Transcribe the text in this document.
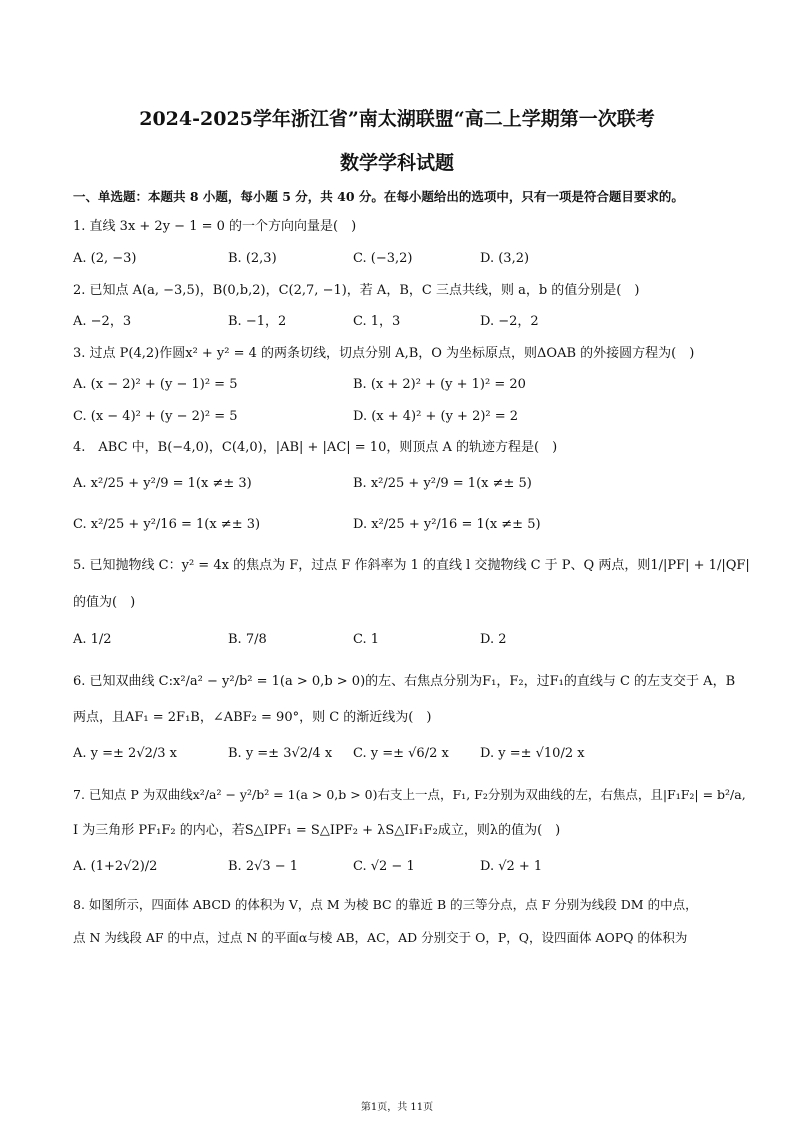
2024-2025学年浙江省”南太湖联盟“高二上学期第一次联考
数学学科试题
一、单选题：本题共 8 小题，每小题 5 分，共 40 分。在每小题给出的选项中，只有一项是符合题目要求的。
1. 直线 3x + 2y − 1 = 0 的一个方向向量是(　)
A. (2, −3)	B. (2,3)	C. (−3,2)	D. (3,2)
2. 已知点 A(a, −3,5)，B(0,b,2)，C(2,7, −1)，若 A，B，C 三点共线，则 a，b 的值分别是(　)
A. −2，3	B. −1，2	C. 1，3	D. −2，2
3. 过点 P(4,2)作圆x² + y² = 4 的两条切线，切点分别 A,B，O 为坐标原点，则ΔOAB 的外接圆方程为(　)
A. (x − 2)² + (y − 1)² = 5	B. (x + 2)² + (y + 1)² = 20
C. (x − 4)² + (y − 2)² = 5	D. (x + 4)² + (y + 2)² = 2
4.　ABC 中，B(−4,0)，C(4,0)，|AB| + |AC| = 10，则顶点 A 的轨迹方程是(　)
A. x²/25 + y²/9 = 1(x ≠± 3)	B. x²/25 + y²/9 = 1(x ≠± 5)
C. x²/25 + y²/16 = 1(x ≠± 3)	D. x²/25 + y²/16 = 1(x ≠± 5)
5. 已知抛物线 C：y² = 4x 的焦点为 F，过点 F 作斜率为 1 的直线 l 交抛物线 C 于 P、Q 两点，则1/|PF| + 1/|QF|
的值为(　)
A. 1/2	B. 7/8	C. 1	D. 2
6. 已知双曲线 C:x²/a² − y²/b² = 1(a > 0,b > 0)的左、右焦点分别为F₁，F₂，过F₁的直线与 C 的左支交于 A，B
两点，且AF₁ = 2F₁B，∠ABF₂ = 90°，则 C 的渐近线为(　)
A. y =± 2√2/3 x	B. y =± 3√2/4 x C. y =± √6/2 x D. y =± √10/2 x
7. 已知点 P 为双曲线x²/a² − y²/b² = 1(a > 0,b > 0)右支上一点，F₁, F₂分别为双曲线的左，右焦点，且|F₁F₂| = b²/a,
I 为三角形 PF₁F₂ 的内心，若S△IPF₁ = S△IPF₂ + λS△IF₁F₂成立，则λ的值为(　)
A. (1+2√2)/2	B. 2√3 − 1	C. √2 − 1	D. √2 + 1
8. 如图所示，四面体 ABCD 的体积为 V，点 M 为棱 BC 的靠近 B 的三等分点，点 F 分别为线段 DM 的中点，
点 N 为线段 AF 的中点，过点 N 的平面α与棱 AB，AC，AD 分别交于 O，P，Q，设四面体 AOPQ 的体积为
第1页，共 11页
